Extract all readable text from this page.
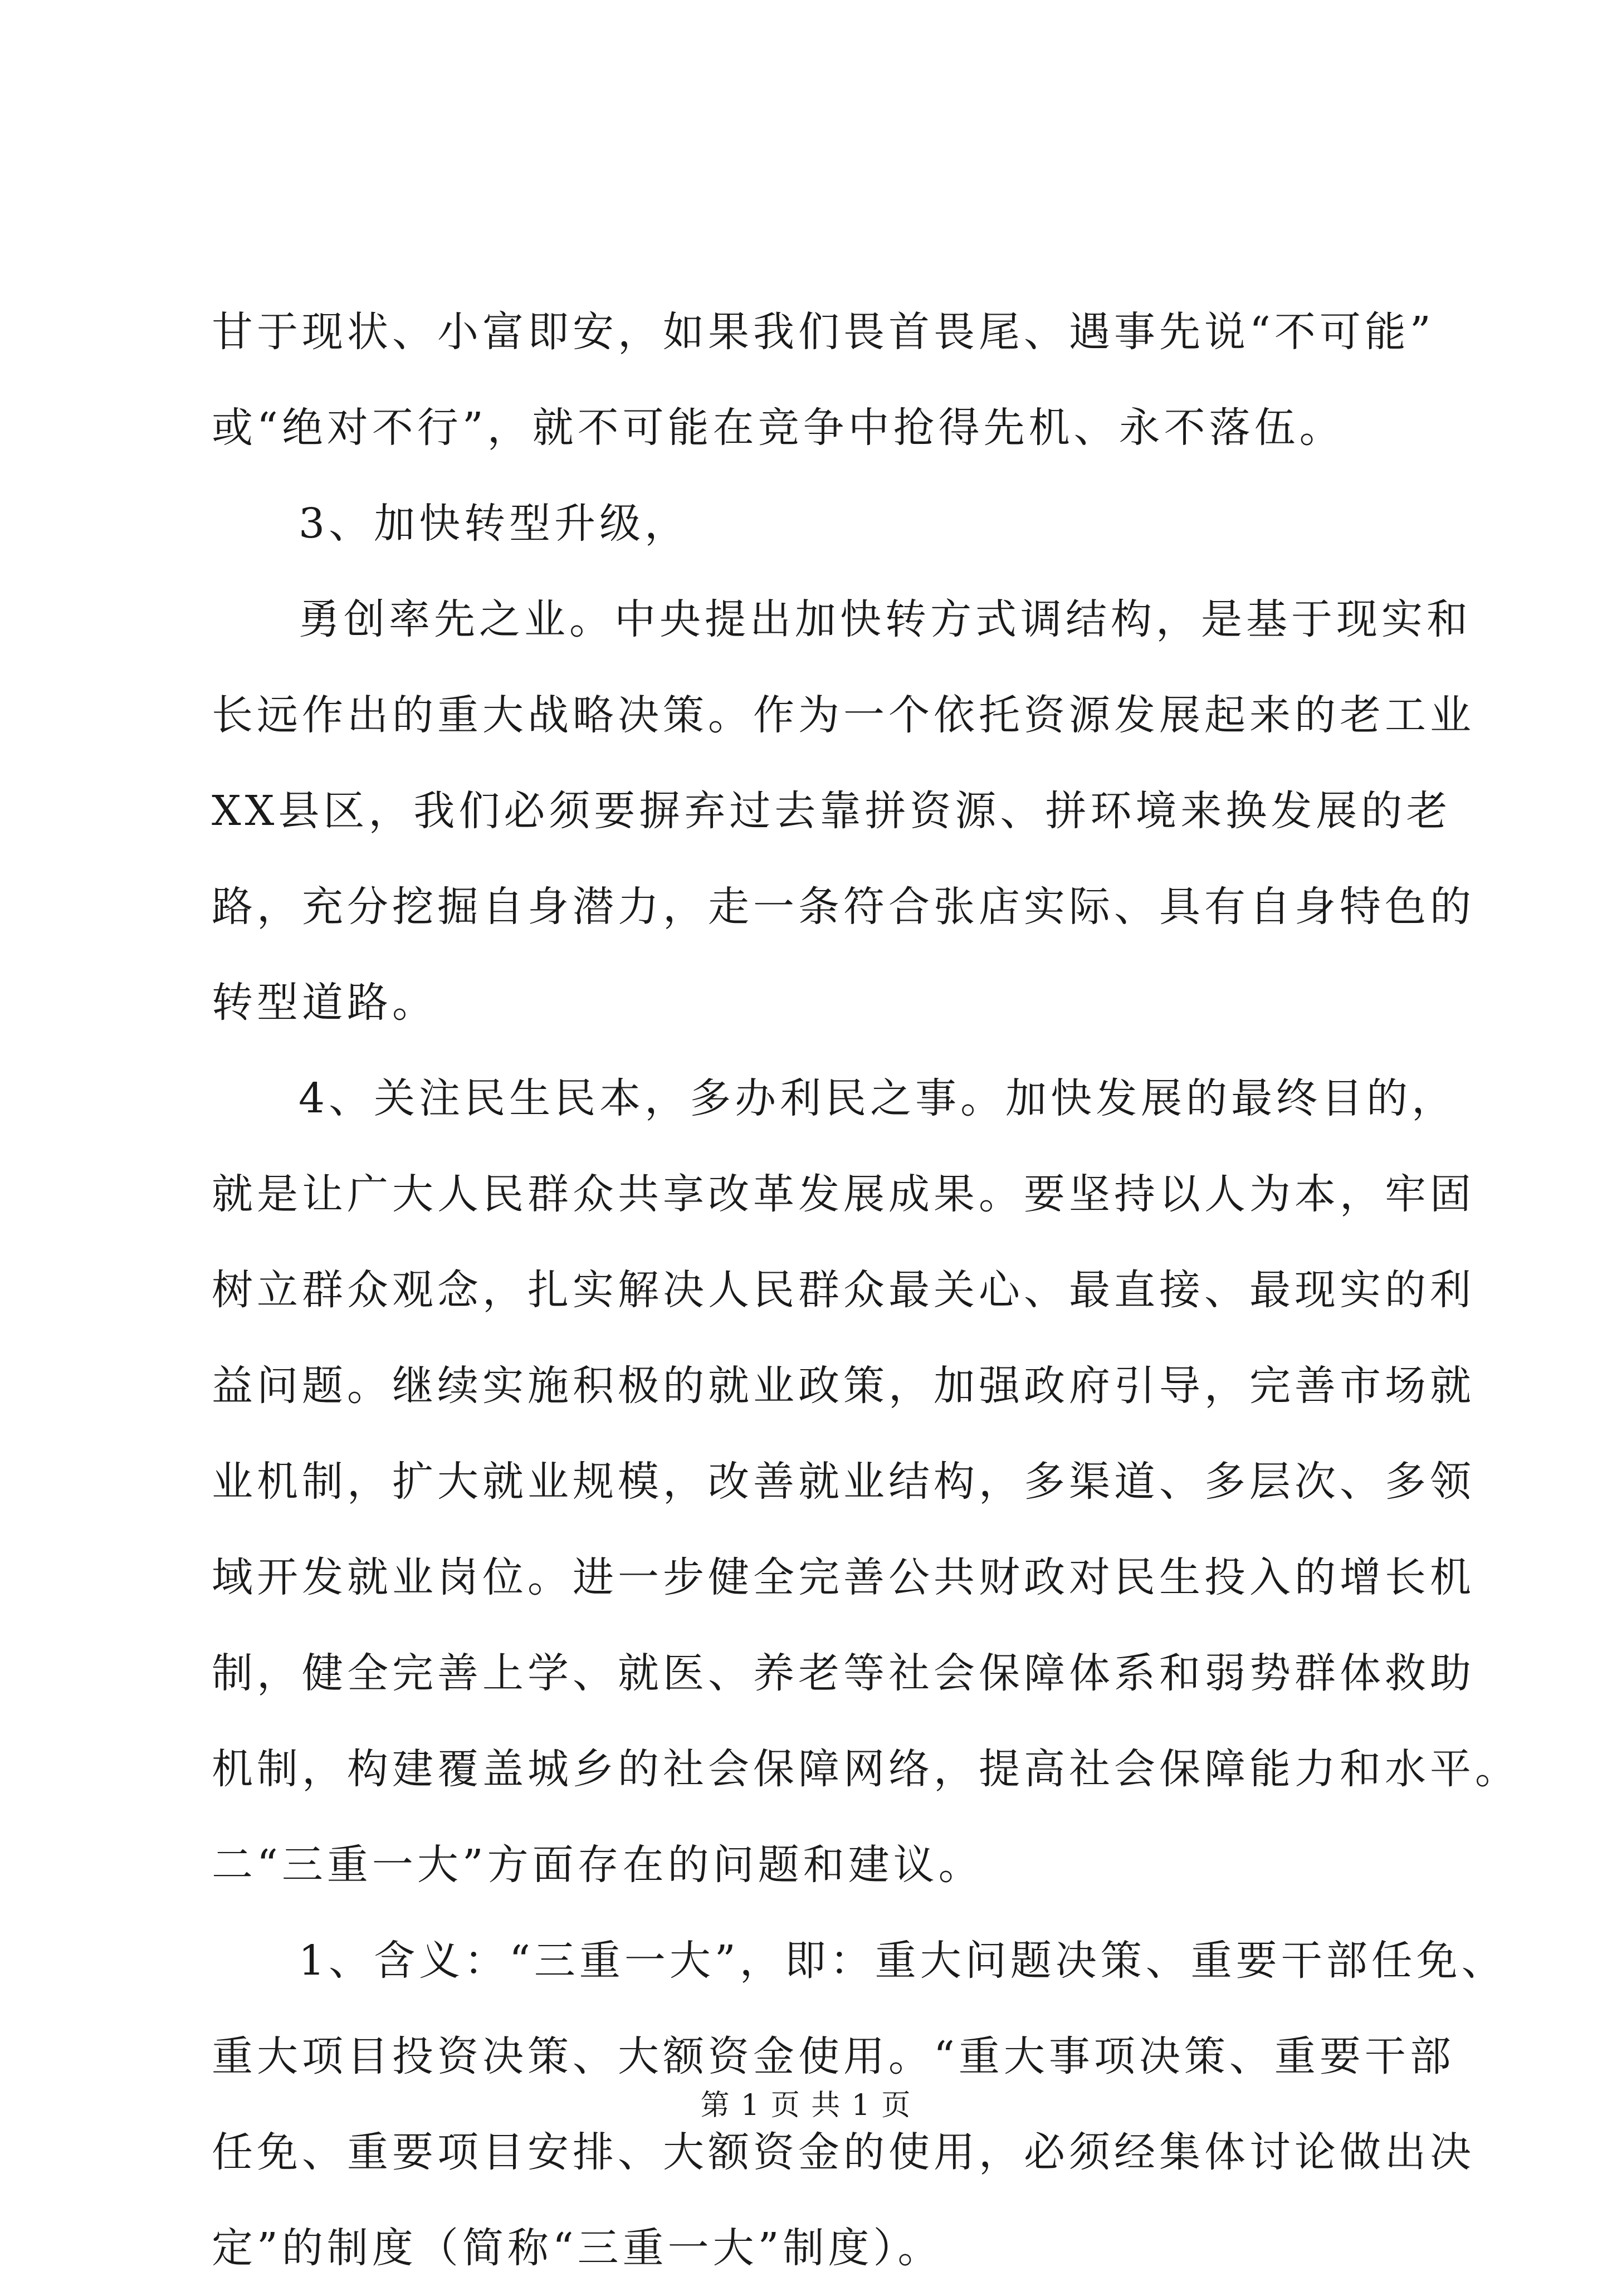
甘于现状、小富即安，如果我们畏首畏尾、遇事先说“不可能”
或“绝对不行”，就不可能在竞争中抢得先机、永不落伍。
3、加快转型升级，
勇创率先之业。中央提出加快转方式调结构，是基于现实和
长远作出的重大战略决策。作为一个依托资源发展起来的老工业
XX县区，我们必须要摒弃过去靠拼资源、拼环境来换发展的老
路，充分挖掘自身潜力，走一条符合张店实际、具有自身特色的
转型道路。
4、关注民生民本，多办利民之事。加快发展的最终目的，
就是让广大人民群众共享改革发展成果。要坚持以人为本，牢固
树立群众观念，扎实解决人民群众最关心、最直接、最现实的利
益问题。继续实施积极的就业政策，加强政府引导，完善市场就
业机制，扩大就业规模，改善就业结构，多渠道、多层次、多领
域开发就业岗位。进一步健全完善公共财政对民生投入的增长机
制，健全完善上学、就医、养老等社会保障体系和弱势群体救助
机制，构建覆盖城乡的社会保障网络，提高社会保障能力和水平。
二“三重一大”方面存在的问题和建议。
1、含义：“三重一大”，即：重大问题决策、重要干部任免、
重大项目投资决策、大额资金使用。“重大事项决策、重要干部
任免、重要项目安排、大额资金的使用，必须经集体讨论做出决
定”的制度（简称“三重一大”制度）。
第 1 页 共 1 页
